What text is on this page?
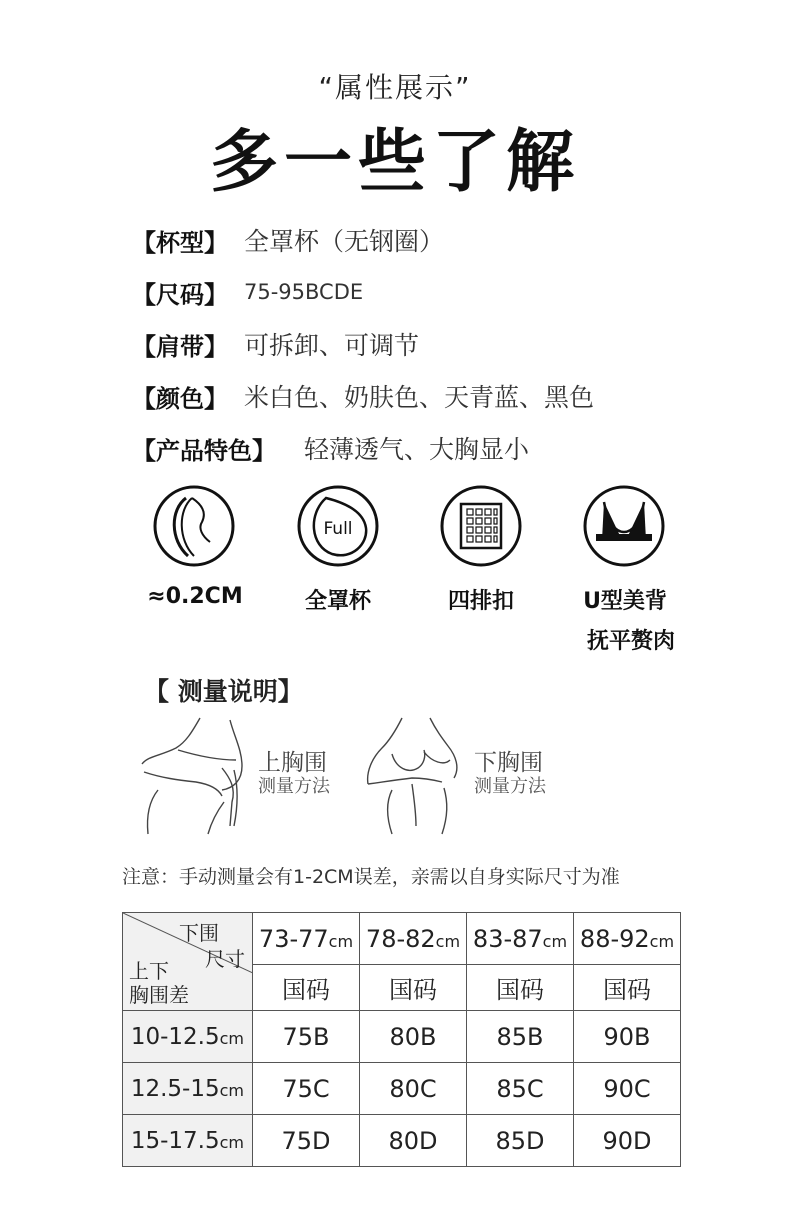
“属性展示”
多一些了解
【杯型】 全罩杯（无钢圈）
【尺码】 75-95BCDE
【肩带】 可拆卸、可调节
【颜色】 米白色、奶肤色、天青蓝、黑色
【产品特色】 轻薄透气、大胸显小
Full
≈0.2CM	全罩杯	四排扣	U型美背
抚平赘肉
【 测量说明】
上胸围
测量方法
下胸围
测量方法
注意：手动测量会有1-2CM误差，亲需以自身实际尺寸为准
下围
尺寸
上下
胸围差	73-77cm	78-82cm	83-87cm	88-92cm
	国码	国码	国码	国码
10-12.5cm	75B	80B	85B	90B
12.5-15cm	75C	80C	85C	90C
15-17.5cm	75D	80D	85D	90D
